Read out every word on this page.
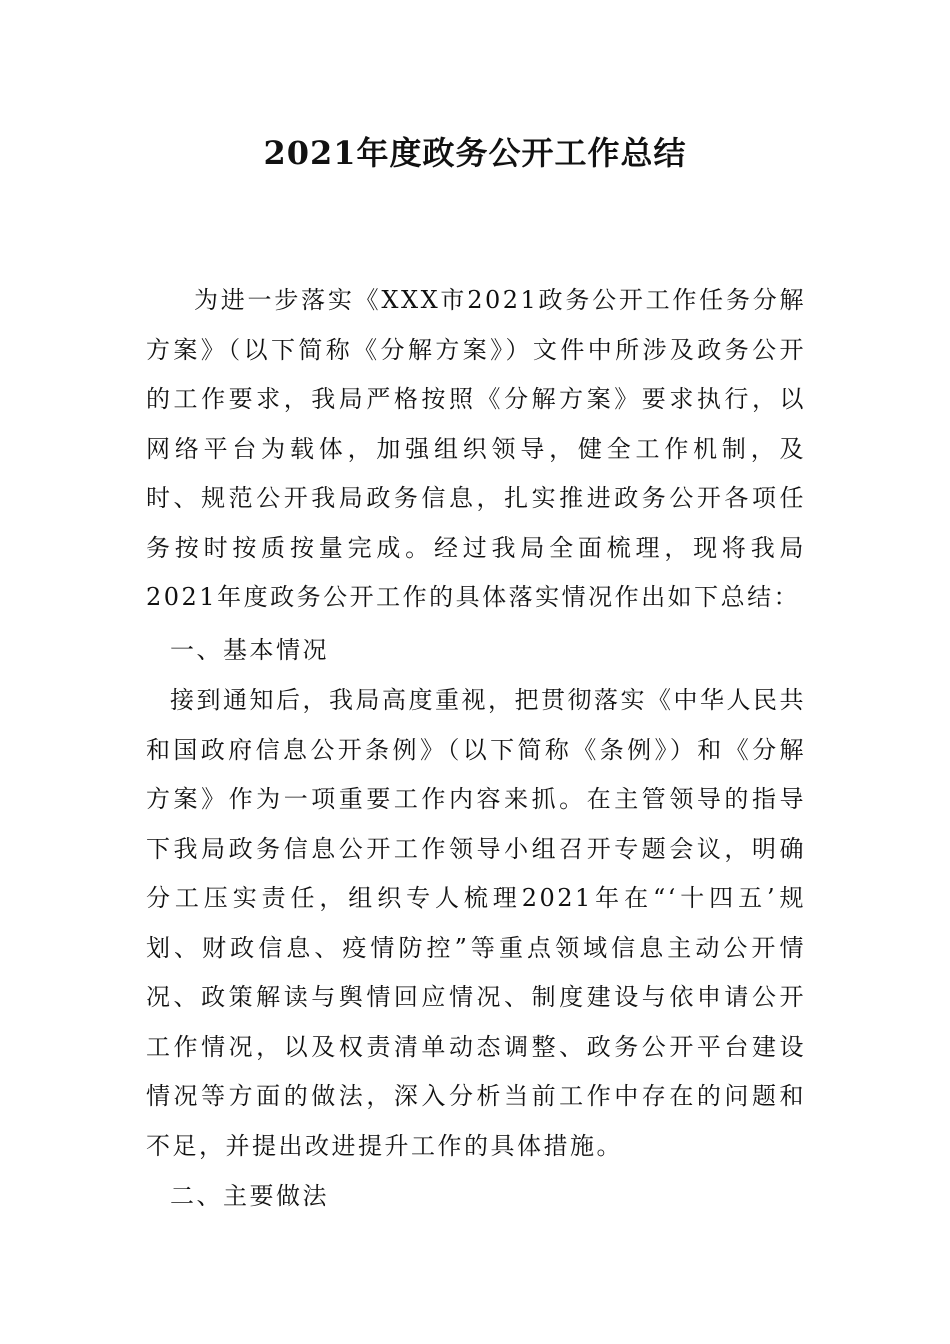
2021年度政务公开工作总结

为进一步落实《XXX市2021政务公开工作任务分解方案》（以下简称《分解方案》）文件中所涉及政务公开的工作要求，我局严格按照《分解方案》要求执行，以网络平台为载体，加强组织领导，健全工作机制，及时、规范公开我局政务信息，扎实推进政务公开各项任务按时按质按量完成。经过我局全面梳理，现将我局2021年度政务公开工作的具体落实情况作出如下总结：

一、基本情况

接到通知后，我局高度重视，把贯彻落实《中华人民共和国政府信息公开条例》（以下简称《条例》）和《分解方案》作为一项重要工作内容来抓。在主管领导的指导下我局政务信息公开工作领导小组召开专题会议，明确分工压实责任，组织专人梳理2021年在“‘十四五’规划、财政信息、疫情防控”等重点领域信息主动公开情况、政策解读与舆情回应情况、制度建设与依申请公开工作情况，以及权责清单动态调整、政务公开平台建设情况等方面的做法，深入分析当前工作中存在的问题和不足，并提出改进提升工作的具体措施。

二、主要做法
